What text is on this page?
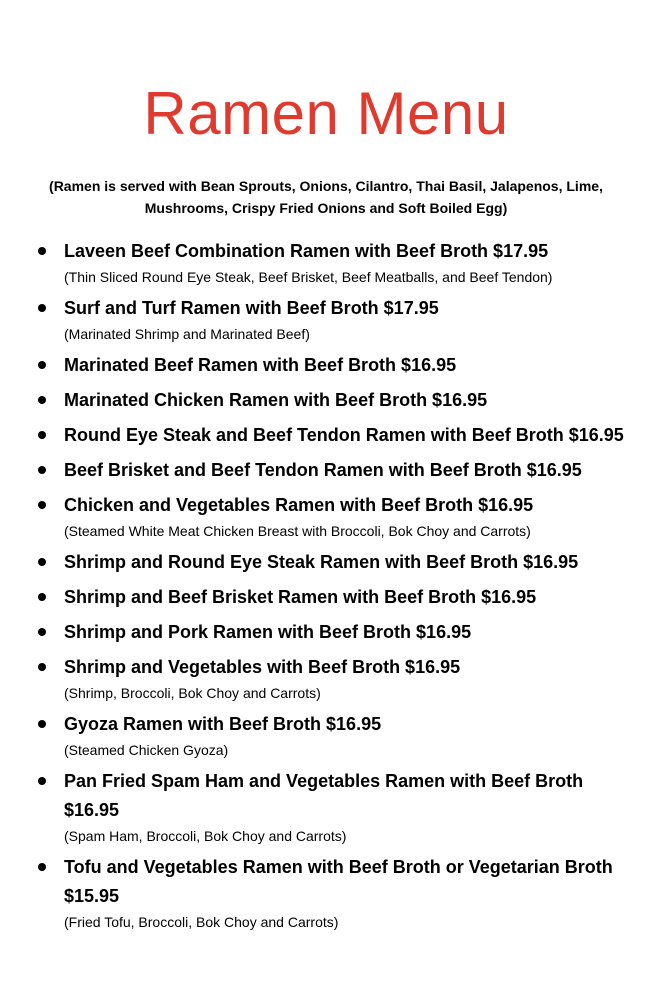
Ramen Menu

(Ramen is served with Bean Sprouts, Onions, Cilantro, Thai Basil, Jalapenos, Lime, Mushrooms, Crispy Fried Onions and Soft Boiled Egg)

Laveen Beef Combination Ramen with Beef Broth $17.95
(Thin Sliced Round Eye Steak, Beef Brisket, Beef Meatballs, and Beef Tendon)
Surf and Turf Ramen with Beef Broth $17.95
(Marinated Shrimp and Marinated Beef)
Marinated Beef Ramen with Beef Broth $16.95
Marinated Chicken Ramen with Beef Broth $16.95
Round Eye Steak and Beef Tendon Ramen with Beef Broth $16.95
Beef Brisket and Beef Tendon Ramen with Beef Broth $16.95
Chicken and Vegetables Ramen with Beef Broth $16.95
(Steamed White Meat Chicken Breast with Broccoli, Bok Choy and Carrots)
Shrimp and Round Eye Steak Ramen with Beef Broth $16.95
Shrimp and Beef Brisket Ramen with Beef Broth $16.95
Shrimp and Pork Ramen with Beef Broth $16.95
Shrimp and Vegetables with Beef Broth $16.95
(Shrimp, Broccoli, Bok Choy and Carrots)
Gyoza Ramen with Beef Broth $16.95
(Steamed Chicken Gyoza)
Pan Fried Spam Ham and Vegetables Ramen with Beef Broth $16.95
(Spam Ham, Broccoli, Bok Choy and Carrots)
Tofu and Vegetables Ramen with Beef Broth or Vegetarian Broth $15.95
(Fried Tofu, Broccoli, Bok Choy and Carrots)
